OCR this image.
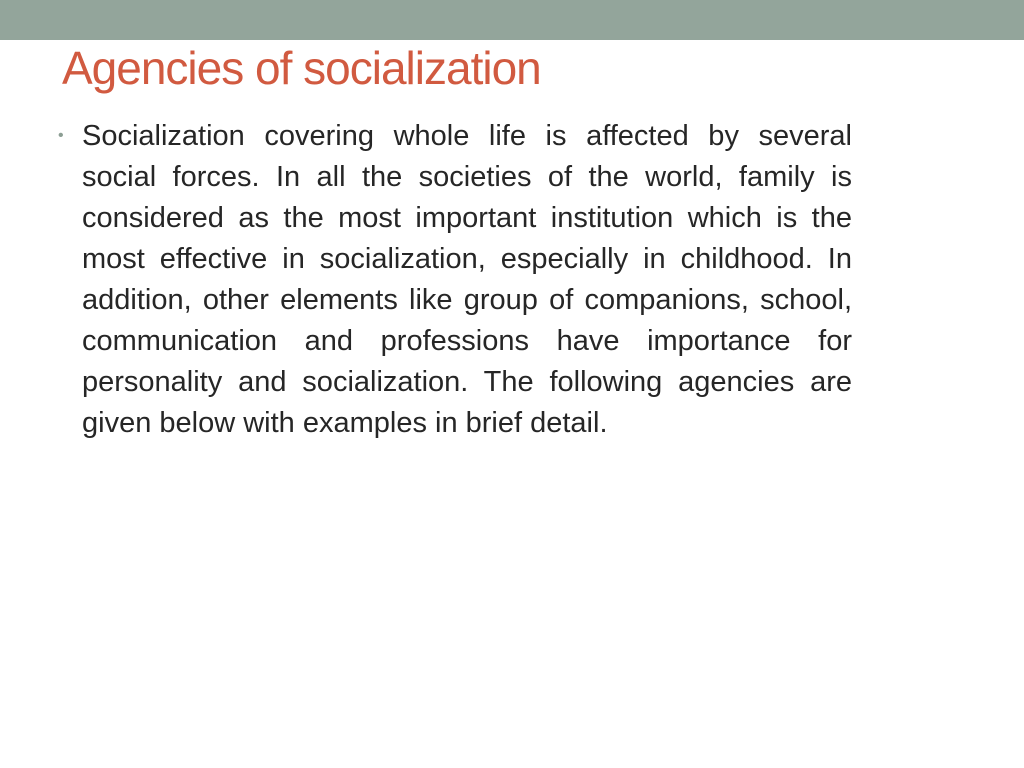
Agencies of socialization
• Socialization covering whole life is affected by several social forces. In all the societies of the world, family is considered as the most important institution which is the most effective in socialization, especially in childhood. In addition, other elements like group of companions, school, communication and professions have importance for personality and socialization. The following agencies are given below with examples in brief detail.
